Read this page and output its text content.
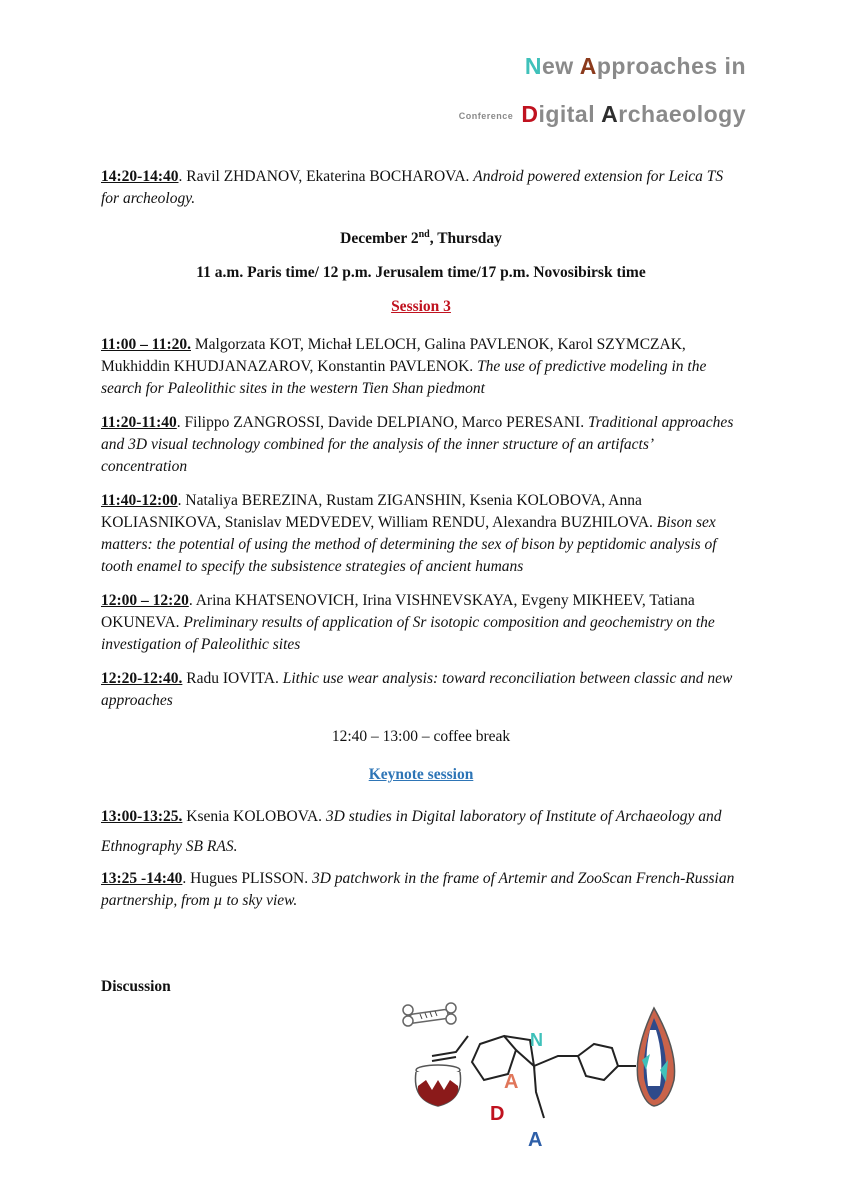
New Approaches in
Conference Digital Archaeology

14:20-14:40. Ravil ZHDANOV, Ekaterina BOCHAROVA. Android powered extension for Leica TS for archeology.

December 2nd, Thursday

11 a.m. Paris time/ 12 p.m. Jerusalem time/17 p.m. Novosibirsk time

Session 3

11:00 – 11:20. Malgorzata KOT, Michał LELOCH, Galina PAVLENOK, Karol SZYMCZAK, Mukhiddin KHUDJANAZAROV, Konstantin PAVLENOK. The use of predictive modeling in the search for Paleolithic sites in the western Tien Shan piedmont

11:20-11:40. Filippo ZANGROSSI, Davide DELPIANO, Marco PERESANI. Traditional approaches and 3D visual technology combined for the analysis of the inner structure of an artifacts’ concentration

11:40-12:00. Nataliya BEREZINA, Rustam ZIGANSHIN, Ksenia KOLOBOVA, Anna KOLIASNIKOVA, Stanislav MEDVEDEV, William RENDU, Alexandra BUZHILOVA. Bison sex matters: the potential of using the method of determining the sex of bison by peptidomic analysis of tooth enamel to specify the subsistence strategies of ancient humans

12:00 – 12:20. Arina KHATSENOVICH, Irina VISHNEVSKAYA, Evgeny MIKHEEV, Tatiana OKUNEVA. Preliminary results of application of Sr isotopic composition and geochemistry on the investigation of Paleolithic sites

12:20-12:40. Radu IOVITA. Lithic use wear analysis: toward reconciliation between classic and new approaches

12:40 – 13:00 – coffee break

Keynote session

13:00-13:25. Ksenia KOLOBOVA. 3D studies in Digital laboratory of Institute of Archaeology and Ethnography SB RAS.

13:25 -14:40. Hugues PLISSON. 3D patchwork in the frame of Artemir and ZooScan French-Russian partnership, from µ to sky view.

Discussion
N
A
D
A
